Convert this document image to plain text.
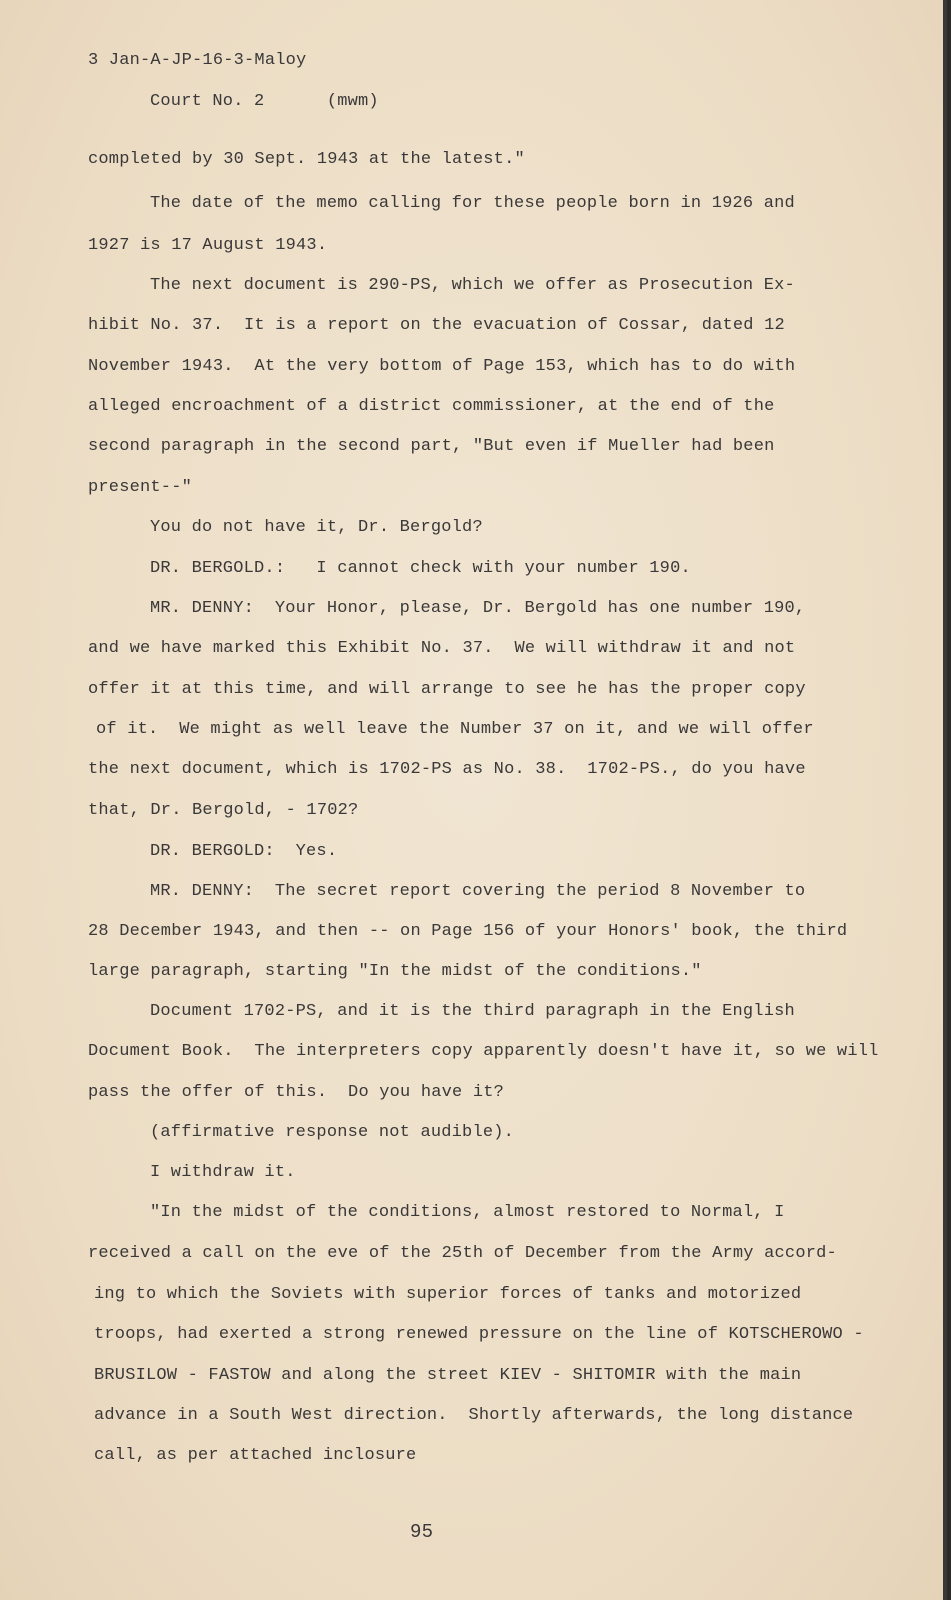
3 Jan-A-JP-16-3-Maloy
Court No. 2      (mwm)
completed by 30 Sept. 1943 at the latest."
The date of the memo calling for these people born in 1926 and
1927 is 17 August 1943.
The next document is 290-PS, which we offer as Prosecution Ex-
hibit No. 37.  It is a report on the evacuation of Cossar, dated 12
November 1943.  At the very bottom of Page 153, which has to do with
alleged encroachment of a district commissioner, at the end of the
second paragraph in the second part, "But even if Mueller had been
present--"
You do not have it, Dr. Bergold?
DR. BERGOLD.:   I cannot check with your number 190.
MR. DENNY:  Your Honor, please, Dr. Bergold has one number 190,
and we have marked this Exhibit No. 37.  We will withdraw it and not
offer it at this time, and will arrange to see he has the proper copy
of it.  We might as well leave the Number 37 on it, and we will offer
the next document, which is 1702-PS as No. 38.  1702-PS., do you have
that, Dr. Bergold, - 1702?
DR. BERGOLD:  Yes.
MR. DENNY:  The secret report covering the period 8 November to
28 December 1943, and then -- on Page 156 of your Honors' book, the third
large paragraph, starting "In the midst of the conditions."
Document 1702-PS, and it is the third paragraph in the English
Document Book.  The interpreters copy apparently doesn't have it, so we will
pass the offer of this.  Do you have it?
(affirmative response not audible).
I withdraw it.
"In the midst of the conditions, almost restored to Normal, I
received a call on the eve of the 25th of December from the Army accord-
ing to which the Soviets with superior forces of tanks and motorized
troops, had exerted a strong renewed pressure on the line of KOTSCHEROWO -
BRUSILOW - FASTOW and along the street KIEV - SHITOMIR with the main
advance in a South West direction.  Shortly afterwards, the long distance
call, as per attached inclosure
95
